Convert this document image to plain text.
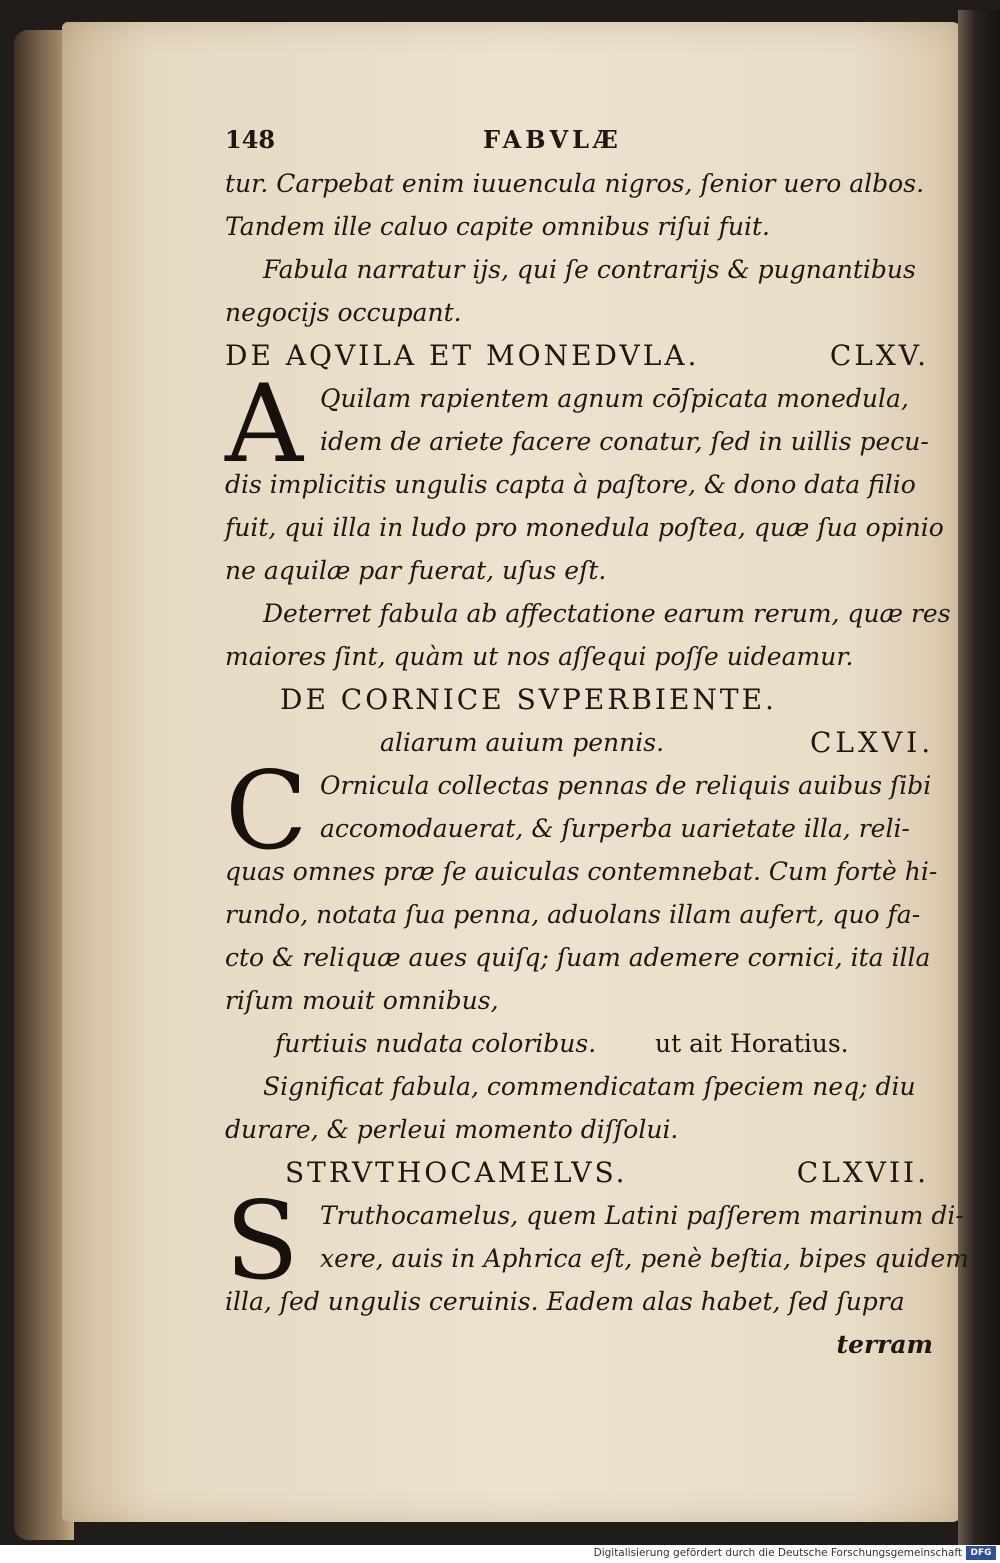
148	FABVLÆ
tur. Carpebat enim iuuencula nigros, ſenior uero albos.
Tandem ille caluo capite omnibus riſui fuit.
Fabula narratur ijs, qui ſe contrarijs & pugnantibus
negocijs occupant.
DE AQVILA ET MONEDVLA.	CLXV.
A Quilam rapientem agnum cōſpicata monedula,
idem de ariete facere conatur, ſed in uillis pecu-
dis implicitis ungulis capta à paſtore, & dono data filio
fuit, qui illa in ludo pro monedula poſtea, quæ ſua opinio
ne aquilæ par fuerat, uſus eſt.
Deterret fabula ab affectatione earum rerum, quæ res
maiores ſint, quàm ut nos aſſequi poſſe uideamur.
DE CORNICE SVPERBIENTE.
aliarum auium pennis.	CLXVI.
C Ornicula collectas pennas de reliquis auibus ſibi
accomodauerat, & ſurperba uarietate illa, reli-
quas omnes præ ſe auiculas contemnebat. Cum fortè hi-
rundo, notata ſua penna, aduolans illam aufert, quo fa-
cto & reliquæ aues quiſq; ſuam ademere cornici, ita illa
riſum mouit omnibus,
furtiuis nudata coloribus.	ut ait Horatius.
Significat fabula, commendicatam ſpeciem neq; diu
durare, & perleui momento diſſolui.
STRVTHOCAMELVS.	CLXVII.
S Truthocamelus, quem Latini paſſerem marinum di-
xere, auis in Aphrica eſt, penè beſtia, bipes quidem
illa, ſed ungulis ceruinis. Eadem alas habet, ſed ſupra
terram
Digitalisierung gefördert durch die Deutsche Forschungsgemeinschaft DFG
